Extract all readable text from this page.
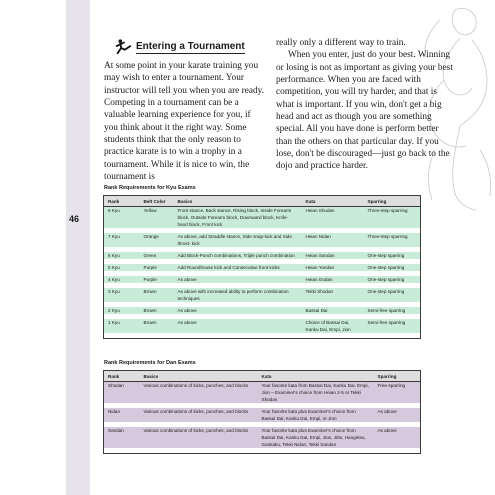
46
Entering a Tournament

At some point in your karate training you may wish to enter a tournament. Your instructor will tell you when you are ready. Competing in a tournament can be a valuable learning experience for you, if you think about it the right way. Some students think that the only reason to practice karate is to win a trophy in a tournament. While it is nice to win, the tournament is

really only a different way to train.

When you enter, just do your best. Winning or losing is not as important as giving your best performance. When you are faced with competition, you will try harder, and that is what is important. If you win, don't get a big head and act as though you are something special. All you have done is perform better than the others on that particular day. If you lose, don't be discouraged—just go back to the dojo and practice harder.

Rank Requirements for Kyu Exams
Rank	Belt Color	Basics	Kata	Sparring
8 Kyu	Yellow	Front stance, Back stance, Rising block, Inside Forearm block, Outside Forearm block, Downward block, Knife-hand block, Front kick	Heian Shodan	Three-step sparring

7 Kyu	Orange	As above, add Straddle stance, Side snap-kick and Side thrust- kick	Heian Nidan	Three-step sparring

6 Kyu	Green	Add Block-Punch combinations, Triple punch combination	Heian Sandan	One-step sparring

5 Kyu	Purple	Add Roundhouse kick and Consecutive front kicks	Heian Yondan	One-step sparring

4 Kyu	Purple	As above	Heian Godan	One-step sparring

3 Kyu	Brown	As above with increased ability to perform combination techniques	Tekki Shodan	One-step sparring

2 Kyu	Brown	As above	Bassai Dai	Semi-free sparring

1 Kyu	Brown	As above	Choice of Bassai Dai, Kanku Dai, Empi, Jion	Semi-free sparring

Rank Requirements for Dan Exams
Rank	Basics	Kata	Sparring
Shodan	Various combinations of kicks, punches, and blocks	Your favorite kata from Bassai Dai, Kanku Dai, Empi, Jion – Examiner's choice from Heian 2-5 or Tekki Shodan	Free-sparring

Nidan	Various combinations of kicks, punches, and blocks	Your favorite kata plus Examiner's choice from Bassai Dai, Kanku Dai, Empi, or Jion	As above

Sandan	Various combinations of kicks, punches, and blocks	Your favorite kata plus Examiner's choice from Bassai Dai, Kanku Dai, Empi, Jion, Jitte, Hangetsu, Gankaku, Tekki Nidan, Tekki Sandan	As above
